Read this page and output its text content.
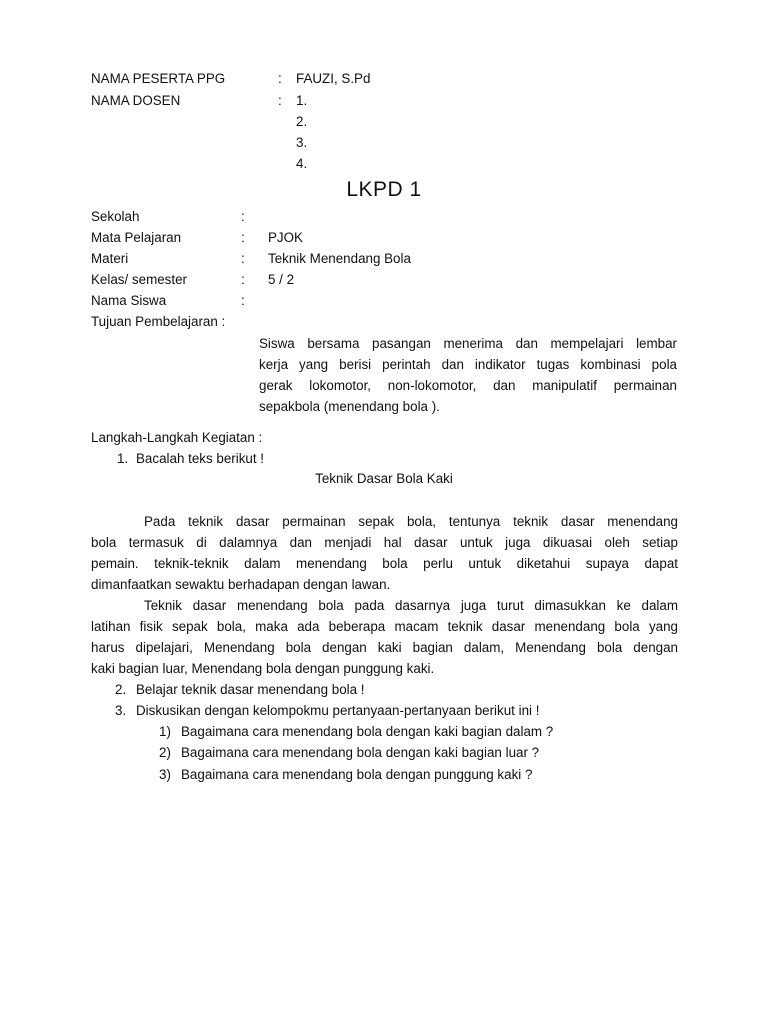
NAMA PESERTA PPG	: FAUZI, S.Pd
NAMA DOSEN	: 1.
2.
3.
4.
LKPD 1
Sekolah	:
Mata Pelajaran	: PJOK
Materi	: Teknik Menendang Bola
Kelas/ semester	: 5 / 2
Nama Siswa	:
Tujuan Pembelajaran :
Siswa bersama pasangan menerima dan mempelajari lembar
kerja yang berisi perintah dan indikator tugas kombinasi pola
gerak lokomotor, non-lokomotor, dan manipulatif permainan
sepakbola (menendang bola ).
Langkah-Langkah Kegiatan :
1. Bacalah teks berikut !
Teknik Dasar Bola Kaki
Pada teknik dasar permainan sepak bola, tentunya teknik dasar menendang
bola termasuk di dalamnya dan menjadi hal dasar untuk juga dikuasai oleh setiap
pemain. teknik-teknik dalam menendang bola perlu untuk diketahui supaya dapat
dimanfaatkan sewaktu berhadapan dengan lawan.
Teknik dasar menendang bola pada dasarnya juga turut dimasukkan ke dalam
latihan fisik sepak bola, maka ada beberapa macam teknik dasar menendang bola yang
harus dipelajari, Menendang bola dengan kaki bagian dalam, Menendang bola dengan
kaki bagian luar, Menendang bola dengan punggung kaki.
2. Belajar teknik dasar menendang bola !
3. Diskusikan dengan kelompokmu pertanyaan-pertanyaan berikut ini !
1) Bagaimana cara menendang bola dengan kaki bagian dalam ?
2) Bagaimana cara menendang bola dengan kaki bagian luar ?
3) Bagaimana cara menendang bola dengan punggung kaki ?
